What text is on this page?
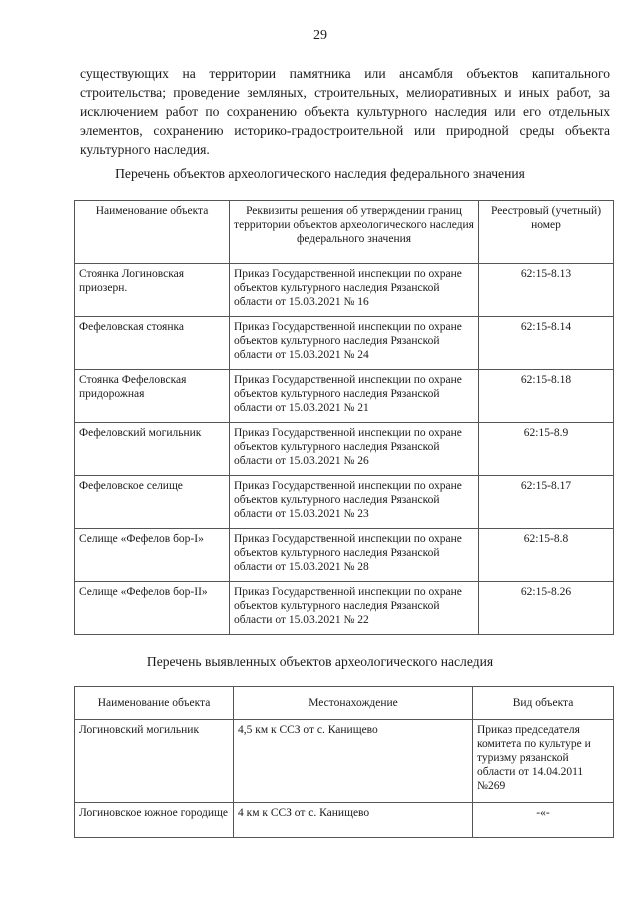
29

существующих на территории памятника или ансамбля объектов капитального строительства; проведение земляных, строительных, мелиоративных и иных работ, за исключением работ по сохранению объекта культурного наследия или его отдельных элементов, сохранению историко-градостроительной или природной среды объекта культурного наследия.

Перечень объектов археологического наследия федерального значения

Наименование объекта	Реквизиты решения об утверждении границ территории объектов археологического наследия федерального значения	Реестровый (учетный) номер
Стоянка Логиновская приозерн.	Приказ Государственной инспекции по охране объектов культурного наследия Рязанской области от 15.03.2021 № 16	62:15-8.13
Фефеловская стоянка	Приказ Государственной инспекции по охране объектов культурного наследия Рязанской области от 15.03.2021 № 24	62:15-8.14
Стоянка Фефеловская придорожная	Приказ Государственной инспекции по охране объектов культурного наследия Рязанской области от 15.03.2021 № 21	62:15-8.18
Фефеловский могильник	Приказ Государственной инспекции по охране объектов культурного наследия Рязанской области от 15.03.2021 № 26	62:15-8.9
Фефеловское селище	Приказ Государственной инспекции по охране объектов культурного наследия Рязанской области от 15.03.2021 № 23	62:15-8.17
Селище «Фефелов бор-I»	Приказ Государственной инспекции по охране объектов культурного наследия Рязанской области от 15.03.2021 № 28	62:15-8.8
Селище «Фефелов бор-II»	Приказ Государственной инспекции по охране объектов культурного наследия Рязанской области от 15.03.2021 № 22	62:15-8.26

Перечень выявленных объектов археологического наследия

Наименование объекта	Местонахождение	Вид объекта
Логиновский могильник	4,5 км к ССЗ от с. Канищево	Приказ председателя комитета по культуре и туризму рязанской области от 14.04.2011 №269
Логиновское южное городище	4 км к ССЗ от с. Канищево	-«-
